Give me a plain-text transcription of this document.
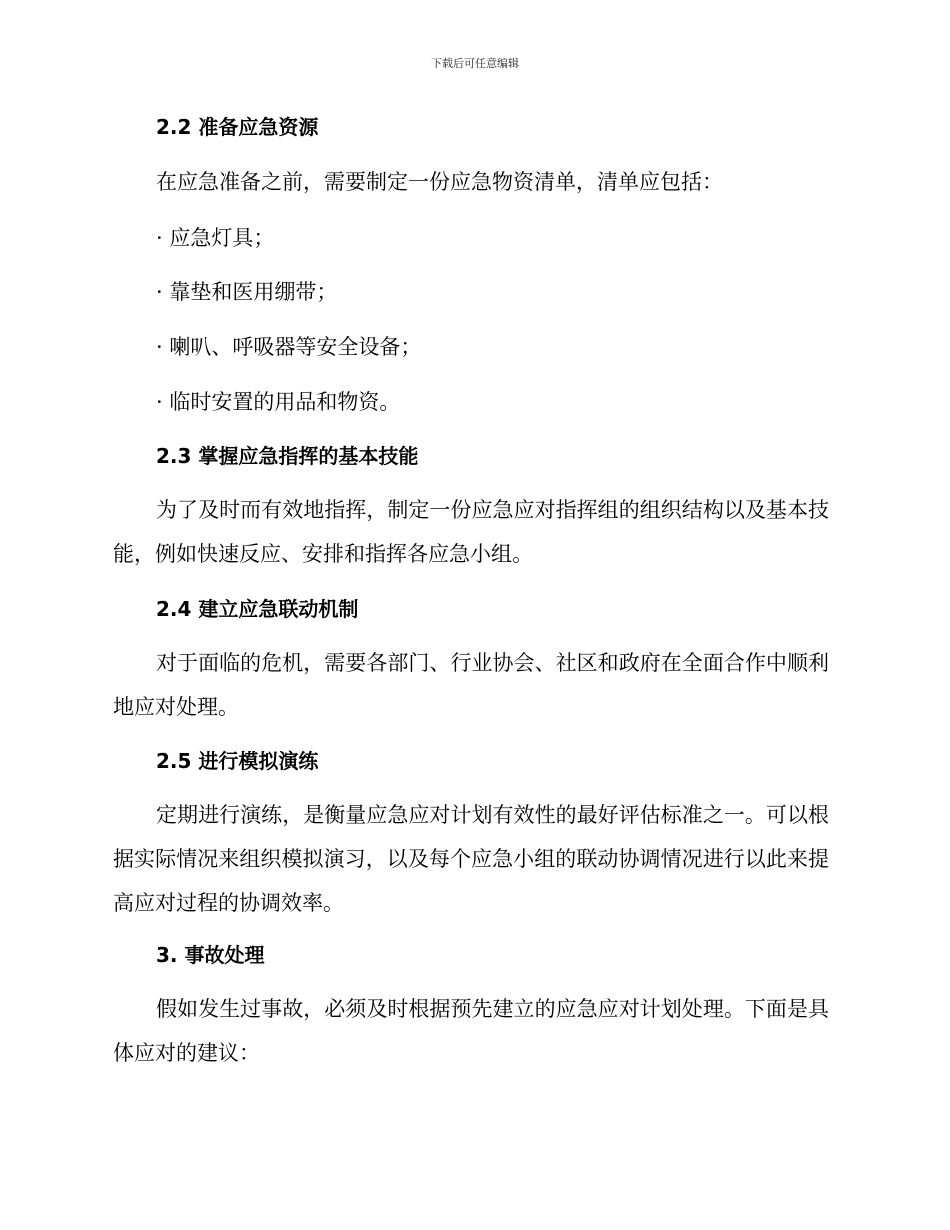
下载后可任意编辑
2.2 准备应急资源
在应急准备之前，需要制定一份应急物资清单，清单应包括：
· 应急灯具；
· 靠垫和医用绷带；
· 喇叭、呼吸器等安全设备；
· 临时安置的用品和物资。
2.3 掌握应急指挥的基本技能
为了及时而有效地指挥，制定一份应急应对指挥组的组织结构以及基本技能，例如快速反应、安排和指挥各应急小组。
2.4 建立应急联动机制
对于面临的危机，需要各部门、行业协会、社区和政府在全面合作中顺利地应对处理。
2.5 进行模拟演练
定期进行演练，是衡量应急应对计划有效性的最好评估标准之一。可以根据实际情况来组织模拟演习，以及每个应急小组的联动协调情况进行以此来提高应对过程的协调效率。
3. 事故处理
假如发生过事故，必须及时根据预先建立的应急应对计划处理。下面是具体应对的建议：
